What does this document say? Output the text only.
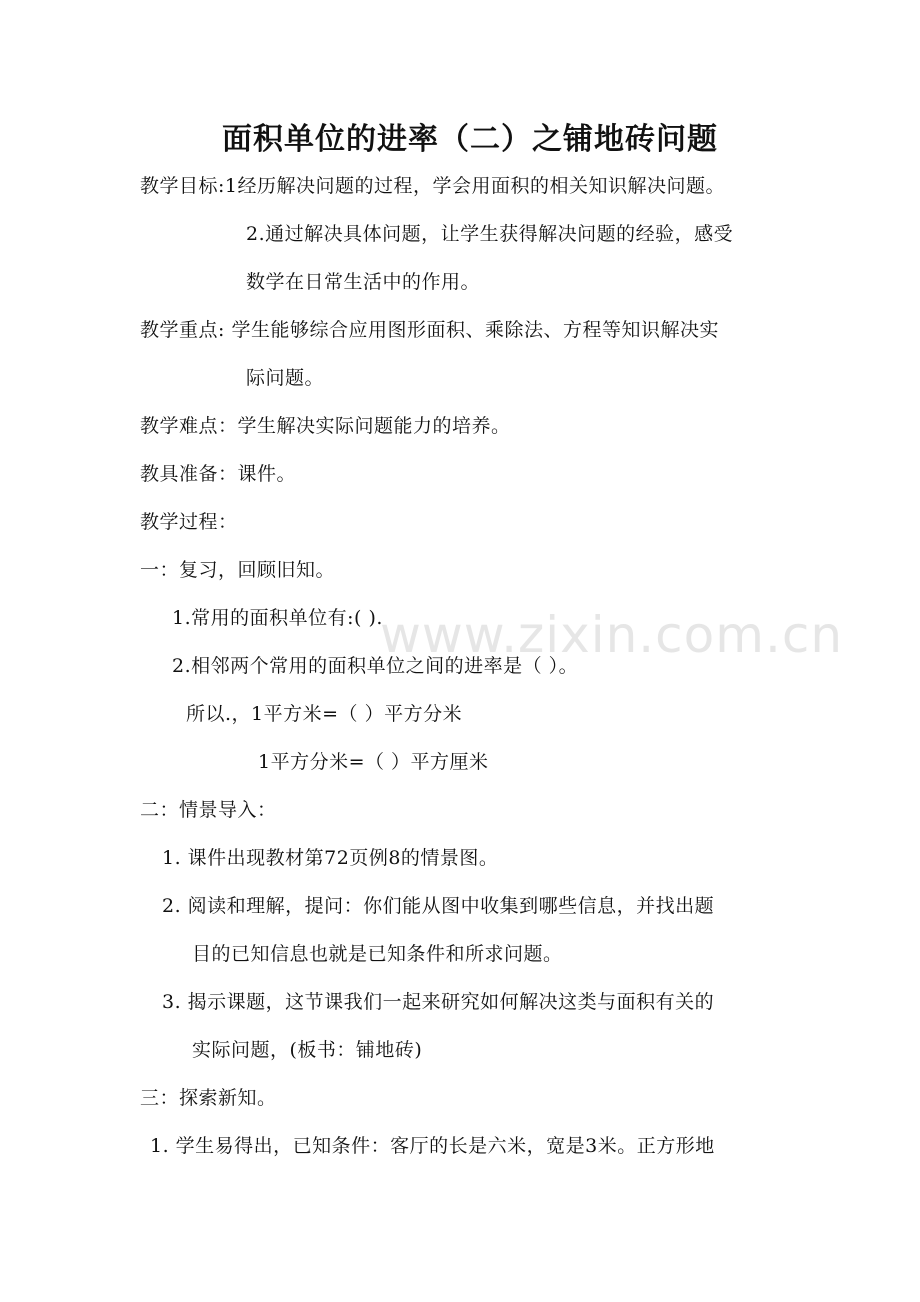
www.zixin.com.cn
面积单位的进率（二）之铺地砖问题
教学目标:1经历解决问题的过程，学会用面积的相关知识解决问题。
2.通过解决具体问题，让学生获得解决问题的经验，感受
数学在日常生活中的作用。
教学重点: 学生能够综合应用图形面积、乘除法、方程等知识解决实
际问题。
教学难点：学生解决实际问题能力的培养。
教具准备：课件。
教学过程：
一：复习，回顾旧知。
1.常用的面积单位有:( ).
2.相邻两个常用的面积单位之间的进率是（ ）。
所以.，1平方米=（ ）平方分米
1平方分米=（ ）平方厘米
二：情景导入：
1. 课件出现教材第72页例8的情景图。
2. 阅读和理解，提问：你们能从图中收集到哪些信息，并找出题
目的已知信息也就是已知条件和所求问题。
3. 揭示课题，这节课我们一起来研究如何解决这类与面积有关的
实际问题，(板书：铺地砖)
三：探索新知。
1. 学生易得出，已知条件：客厅的长是六米，宽是3米。正方形地
